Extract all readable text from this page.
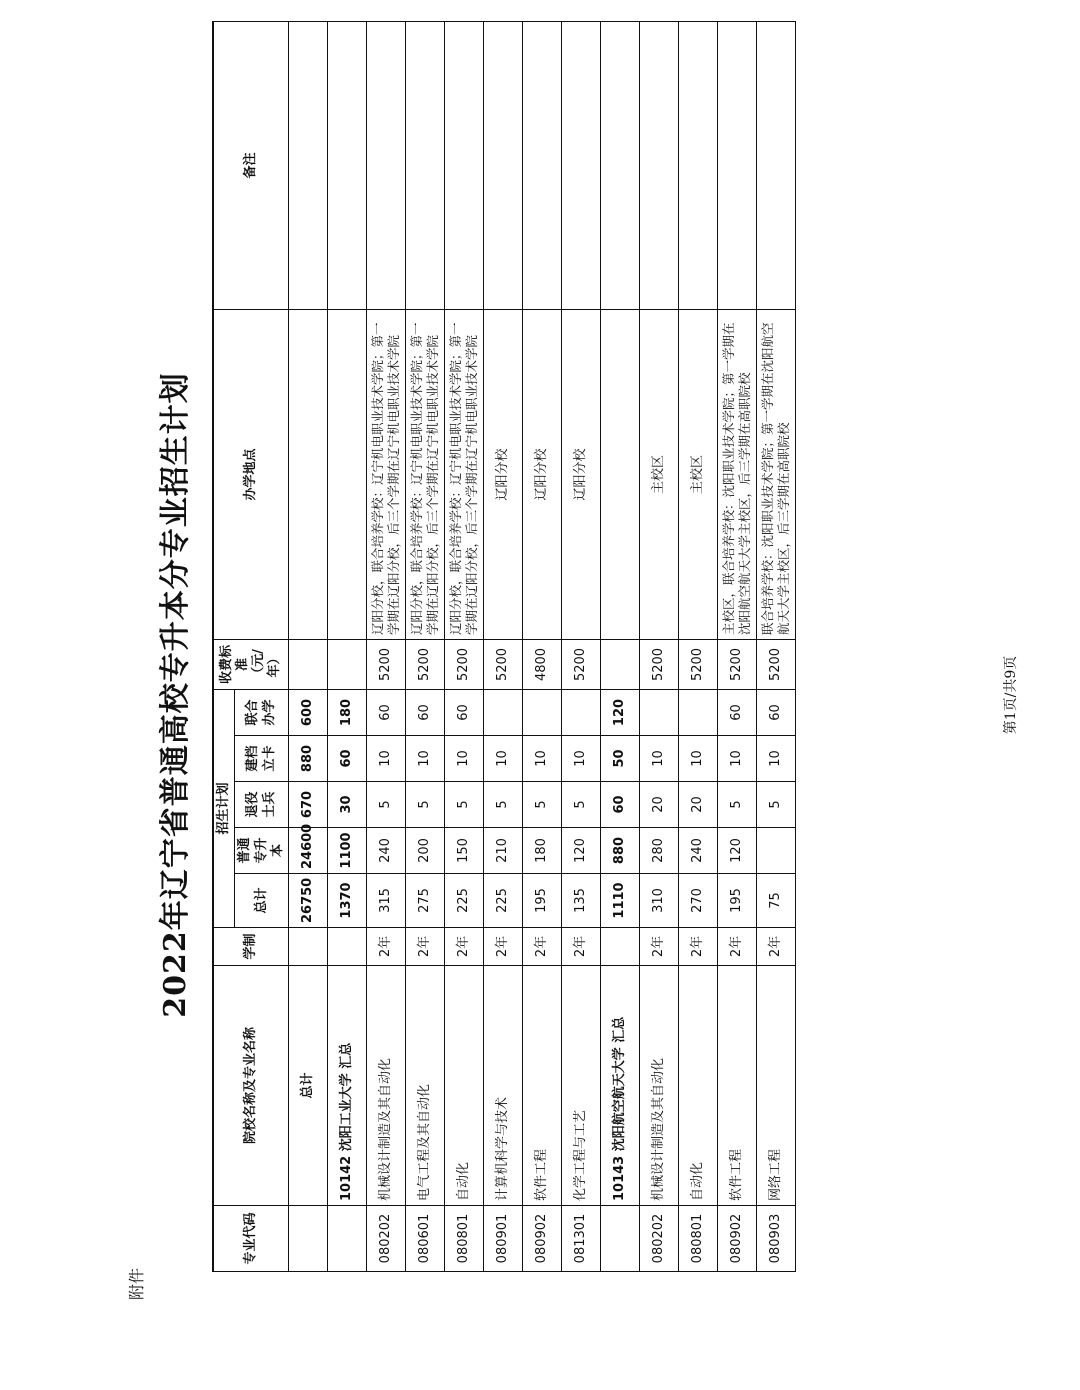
附件
2022年辽宁省普通高校专升本分专业招生计划
专业代码	院校名称及专业名称	学制	招生计划					收费标准（元/年）	办学地点	备注
			总计	普通专升本	退役士兵	建档立卡	联合办学			
	总计		26750	24600	670	880	600			
	10142 沈阳工业大学 汇总		1370	1100	30	60	180			
080202	机械设计制造及其自动化	2年	315	240	5	10	60	5200	辽阳分校，联合培养学校：辽宁机电职业技术学院；第一学期在辽阳分校，后三个学期在辽宁机电职业技术学院	
080601	电气工程及其自动化	2年	275	200	5	10	60	5200	辽阳分校，联合培养学校：辽宁机电职业技术学院；第一学期在辽阳分校，后三个学期在辽宁机电职业技术学院	
080801	自动化	2年	225	150	5	10	60	5200	辽阳分校，联合培养学校：辽宁机电职业技术学院；第一学期在辽阳分校，后三个学期在辽宁机电职业技术学院	
080901	计算机科学与技术	2年	225	210	5	10		5200	辽阳分校	
080902	软件工程	2年	195	180	5	10		4800	辽阳分校	
081301	化学工程与工艺	2年	135	120	5	10		5200	辽阳分校	
	10143 沈阳航空航天大学 汇总		1110	880	60	50	120			
080202	机械设计制造及其自动化	2年	310	280	20	10		5200	主校区	
080801	自动化	2年	270	240	20	10		5200	主校区	
080902	软件工程	2年	195	120	5	10	60	5200	主校区，联合培养学校：沈阳职业技术学院；第一学期在沈阳航空航天大学主校区，后三学期在高职院校	
080903	网络工程	2年	75		5	10	60	5200	联合培养学校：沈阳职业技术学院；第一学期在沈阳航空航天大学主校区，后三学期在高职院校	
第1页/共9页
